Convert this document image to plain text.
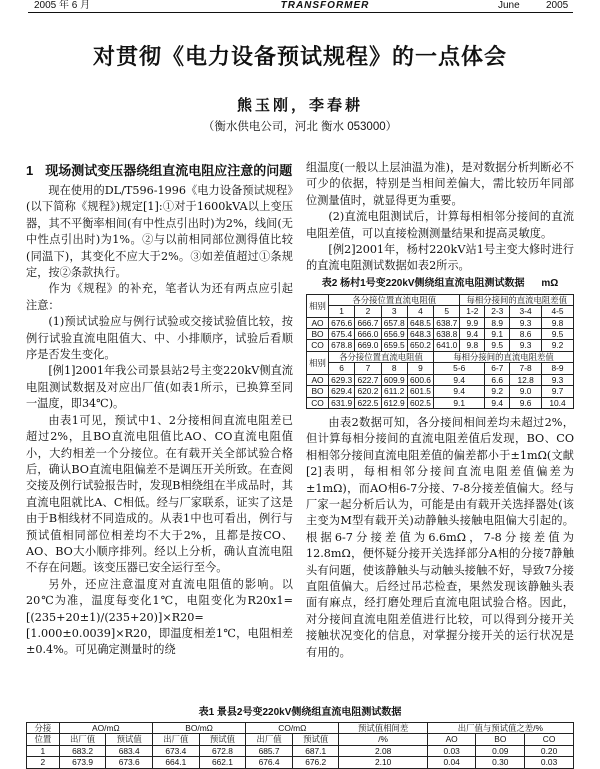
2005 年 6 月	TRANSFORMER	June	2005
对贯彻《电力设备预试规程》的一点体会
熊玉刚，李春耕
（衡水供电公司，河北 衡水 053000）
1 现场测试变压器绕组直流电阻应注意的问题

现在使用的DL/T596-1996《电力设备预试规程》(以下简称《规程》)规定[1]:①对于1600kVA以上变压器，其不平衡率相间(有中性点引出时)为2%，线间(无中性点引出时)为1%。②与以前相同部位测得值比较(同温下)，其变化不应大于2%。③如差值超过①条规定，按②条款执行。

作为《规程》的补充，笔者认为还有两点应引起注意：

(1)预试试验应与例行试验或交接试验值比较，按例行试验直流电阻值大、中、小排顺序，试验后看顺序是否发生变化。

[例1]2001年我公司景县站2号主变220kV侧直流电阻测试数据及对应出厂值(如表1所示，已换算至同一温度，即34℃)。

由表1可见，预试中1、2分接相间直流电阻差已超过2%，且BO直流电阻值比AO、CO直流电阻值小，大约相差一个分接位。在有载开关全部试验合格后，确认BO直流电阻偏差不是调压开关所致。在查阅交接及例行试验报告时，发现B相绕组在半成品时，其直流电阻就比A、C相低。经与厂家联系，证实了这是由于B相线材不同造成的。从表1中也可看出，例行与预试值相同部位相差均不大于2%，且都是按CO、AO、BO大小顺序排列。经以上分析，确认直流电阻不存在问题。该变压器已安全运行至今。

另外，还应注意温度对直流电阻值的影响。以20℃为准，温度每变化1℃，电阻变化为R20x1=[(235+20±1)/(235+20)]×R20=[1.000±0.0039]×R20，即温度相差1℃，电阻相差±0.4%。可见确定测量时的绕

组温度(一般以上层油温为准)，是对数据分析判断必不可少的依据，特别是当相间差偏大，需比较历年同部位测量值时，就显得更为重要。

(2)直流电阻测试后，计算每相相邻分接间的直流电阻差值，可以直接检测测量结果和提高灵敏度。

[例2]2001年，杨村220kV站1号主变大修时进行的直流电阻测试数据如表2所示。

表2 杨村1号变220kV侧绕组直流电阻测试数据 mΩ
相别	各分接位置直流电阻值					每相分接间的直流电阻差值			
	1	2	3	4	5	1-2	2-3	3-4	4-5
AO	676.6	666.7	657.8	648.5	638.7	9.9	8.9	9.3	9.8
BO	675.4	666.0	656.9	648.3	638.8	9.4	9.1	8.6	9.5
CO	678.8	669.0	659.5	650.2	641.0	9.8	9.5	9.3	9.2
相别	各分接位置直流电阻值				每相分接间的直流电阻差值				
	6	7	8	9	5-6		6-7	7-8	8-9
AO	629.3	622.7	609.9	600.6	9.4		6.6	12.8	9.3
BO	629.4	620.2	611.2	601.5	9.4		9.2	9.0	9.7
CO	631.9	622.5	612.9	602.5	9.1		9.4	9.6	10.4

由表2数据可知，各分接间相间差均未超过2%，但计算每相分接间的直流电阻差值后发现，BO、CO相相邻分接间直流电阻差值的偏差都小于±1mΩ(文献[2]表明，每相相邻分接间直流电阻差值偏差为±1mΩ)，而AO相6-7分接、7-8分接差值偏大。经与厂家一起分析后认为，可能是由有载开关选择器处(该主变为M型有载开关)动静触头接触电阻偏大引起的。根据6-7分接差值为6.6mΩ，7-8分接差值为12.8mΩ，便怀疑分接开关选择部分A相的分接7静触头有问题，使该静触头与动触头接触不好，导致7分接直阻值偏大。后经过吊芯检查，果然发现该静触头表面有麻点，经打磨处理后直流电阻试验合格。因此，对分接间直流电阻差值进行比较，可以得到分接开关接触状况变化的信息，对掌握分接开关的运行状况是有用的。

表1 景县2号变220kV侧绕组直流电阻测试数据
分接	AO/mΩ		BO/mΩ		CO/mΩ		预试值相间差	出厂值与预试值之差/%		
位置	出厂值	预试值	出厂值	预试值	出厂值	预试值	/%	AO	BO	CO
1	683.2	683.4	673.4	672.8	685.7	687.1	2.08	0.03	0.09	0.20
2	673.9	673.6	664.1	662.1	676.4	676.2	2.10	0.04	0.30	0.03
